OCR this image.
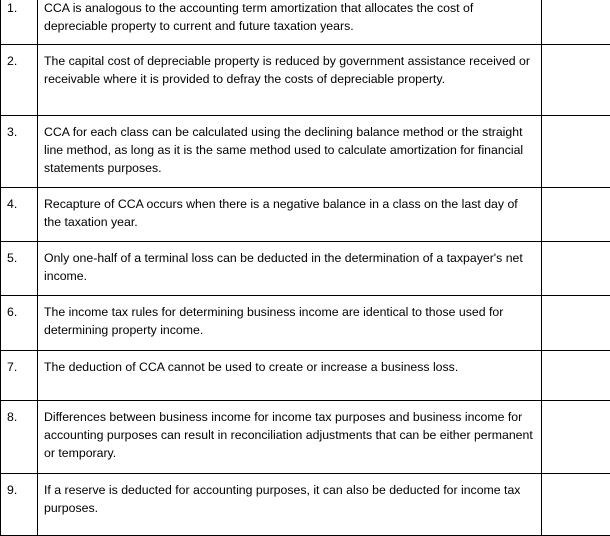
1.	CCA is analogous to the accounting term amortization that allocates the cost of depreciable property to current and future taxation years.	
2.	The capital cost of depreciable property is reduced by government assistance received or receivable where it is provided to defray the costs of depreciable property.	
3.	CCA for each class can be calculated using the declining balance method or the straight line method, as long as it is the same method used to calculate amortization for financial statements purposes.	
4.	Recapture of CCA occurs when there is a negative balance in a class on the last day of the taxation year.	
5.	Only one-half of a terminal loss can be deducted in the determination of a taxpayer's net income.	
6.	The income tax rules for determining business income are identical to those used for determining property income.	
7.	The deduction of CCA cannot be used to create or increase a business loss.	
8.	Differences between business income for income tax purposes and business income for accounting purposes can result in reconciliation adjustments that can be either permanent or temporary.	
9.	If a reserve is deducted for accounting purposes, it can also be deducted for income tax purposes.	
